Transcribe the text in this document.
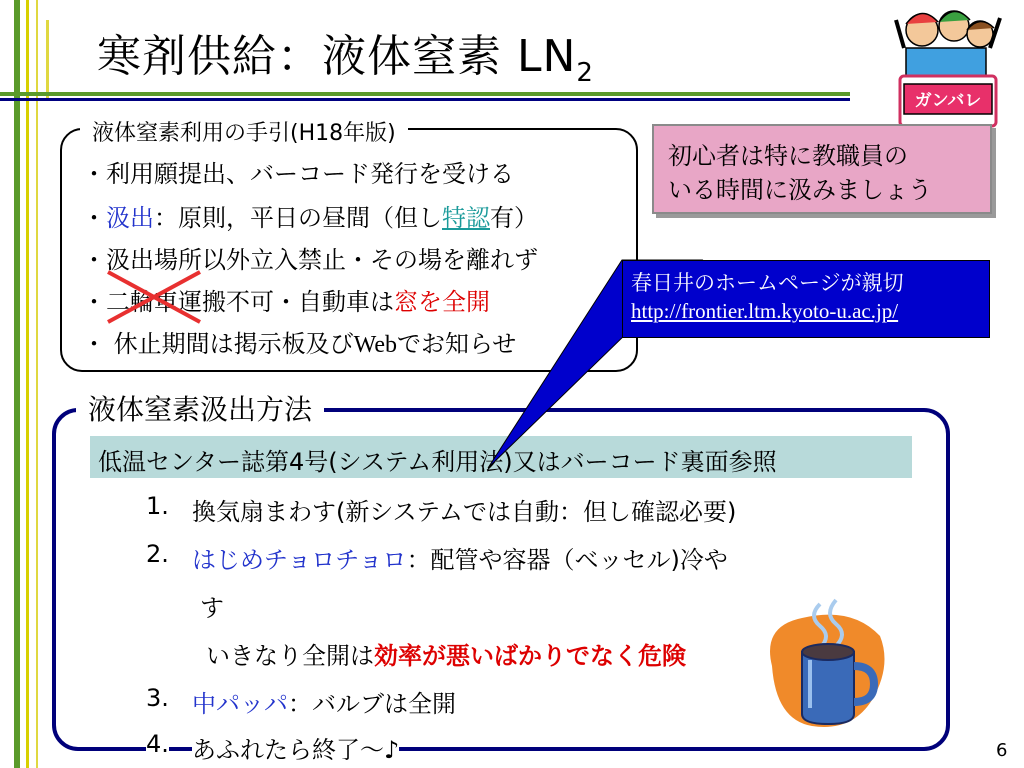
寒剤供給：液体窒素 $LN_2$
ガンバレ
液体窒素利用の手引(H18年版)
・利用願提出、バーコード発行を受ける
・汲出：原則，平日の昼間（但し特認有）
・汲出場所以外立入禁止・その場を離れず
・二輪車運搬不可・自動車は窓を全開
・ 休止期間は掲示板及びWebでお知らせ
初心者は特に教職員の
いる時間に汲みましょう
液体窒素汲出方法
低温センター誌第4号(システム利用法)又はバーコード裏面参照
1. 換気扇まわす(新システムでは自動：但し確認必要)
2. はじめチョロチョロ：配管や容器（ベッセル)冷や
す
いきなり全開は効率が悪いばかりでなく危険
3. 中パッパ：バルブは全開
4. あふれたら終了～♪
春日井のホームページが親切
http://frontier.ltm.kyoto-u.ac.jp/
6
